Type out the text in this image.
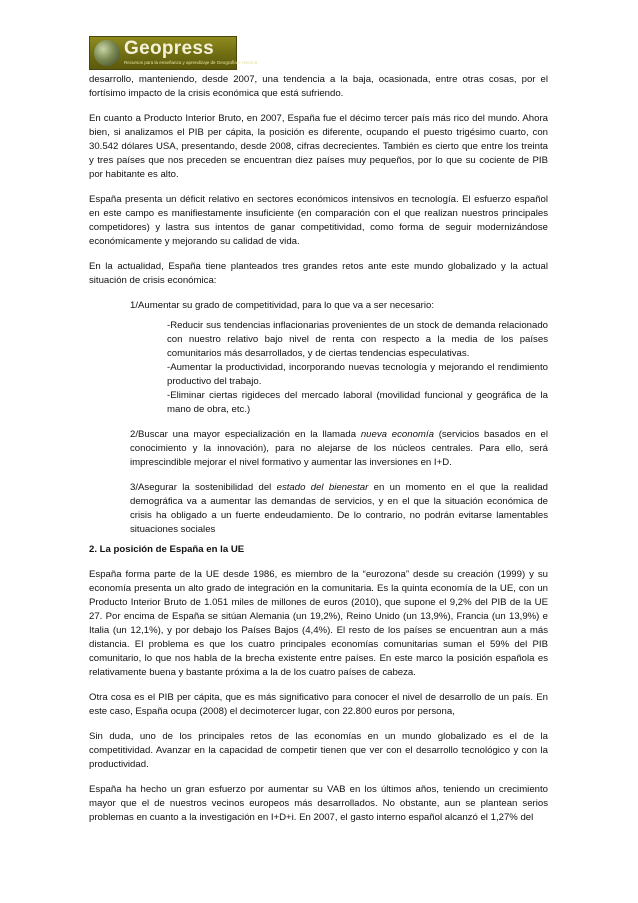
Geopress
Recursos para la enseñanza y aprendizaje de Geografía e Historia

desarrollo, manteniendo, desde 2007, una tendencia a la baja, ocasionada, entre otras cosas, por el fortísimo impacto de la crisis económica que está sufriendo.

En cuanto a Producto Interior Bruto, en 2007, España fue el décimo tercer país más rico del mundo. Ahora bien, si analizamos el PIB per cápita, la posición es diferente, ocupando el puesto trigésimo cuarto, con 30.542 dólares USA, presentando, desde 2008, cifras decrecientes. También es cierto que entre los treinta y tres países que nos preceden se encuentran diez países muy pequeños, por lo que su cociente de PIB por habitante es alto.

España presenta un déficit relativo en sectores económicos intensivos en tecnología. El esfuerzo español en este campo es manifiestamente insuficiente (en comparación con el que realizan nuestros principales competidores) y lastra sus intentos de ganar competitividad, como forma de seguir modernizándose económicamente y mejorando su calidad de vida.

En la actualidad, España tiene planteados tres grandes retos ante este mundo globalizado y la actual situación de crisis económica:

1/Aumentar su grado de competitividad, para lo que va a ser necesario:

-Reducir sus tendencias inflacionarias provenientes de un stock de demanda relacionado con nuestro relativo bajo nivel de renta con respecto a la media de los países comunitarios más desarrollados, y de ciertas tendencias especulativas.

-Aumentar la productividad, incorporando nuevas tecnología y mejorando el rendimiento productivo del trabajo.

-Eliminar ciertas rigideces del mercado laboral (movilidad funcional y geográfica de la mano de obra, etc.)

2/Buscar una mayor especialización en la llamada nueva economía (servicios basados en el conocimiento y la innovación), para no alejarse de los núcleos centrales. Para ello, será imprescindible mejorar el nivel formativo y aumentar las inversiones en I+D.

3/Asegurar la sostenibilidad del estado del bienestar en un momento en el que la realidad demográfica va a aumentar las demandas de servicios, y en el que la situación económica de crisis ha obligado a un fuerte endeudamiento. De lo contrario, no podrán evitarse lamentables situaciones sociales

2. La posición de España en la UE

España forma parte de la UE desde 1986, es miembro de la “eurozona” desde su creación (1999) y su economía presenta un alto grado de integración en la comunitaria. Es la quinta economía de la UE, con un Producto Interior Bruto de 1.051 miles de millones de euros (2010), que supone el 9,2% del PIB de la UE 27. Por encima de España se sitúan Alemania (un 19,2%), Reino Unido (un 13,9%), Francia (un 13,9%) e Italia (un 12,1%), y por debajo los Países Bajos (4,4%). El resto de los países se encuentran aun a más distancia. El problema es que los cuatro principales economías comunitarias suman el 59% del PIB comunitario, lo que nos habla de la brecha existente entre países. En este marco la posición española es relativamente buena y bastante próxima a la de los cuatro países de cabeza.

Otra cosa es el PIB per cápita, que es más significativo para conocer el nivel de desarrollo de un país. En este caso, España ocupa (2008) el decimotercer lugar, con 22.800 euros por persona,

Sin duda, uno de los principales retos de las economías en un mundo globalizado es el de la competitividad. Avanzar en la capacidad de competir tienen que ver con el desarrollo tecnológico y con la productividad.

España ha hecho un gran esfuerzo por aumentar su VAB en los últimos años, teniendo un crecimiento mayor que el de nuestros vecinos europeos más desarrollados. No obstante, aun se plantean serios problemas en cuanto a la investigación en I+D+i. En 2007, el gasto interno español alcanzó el 1,27% del
